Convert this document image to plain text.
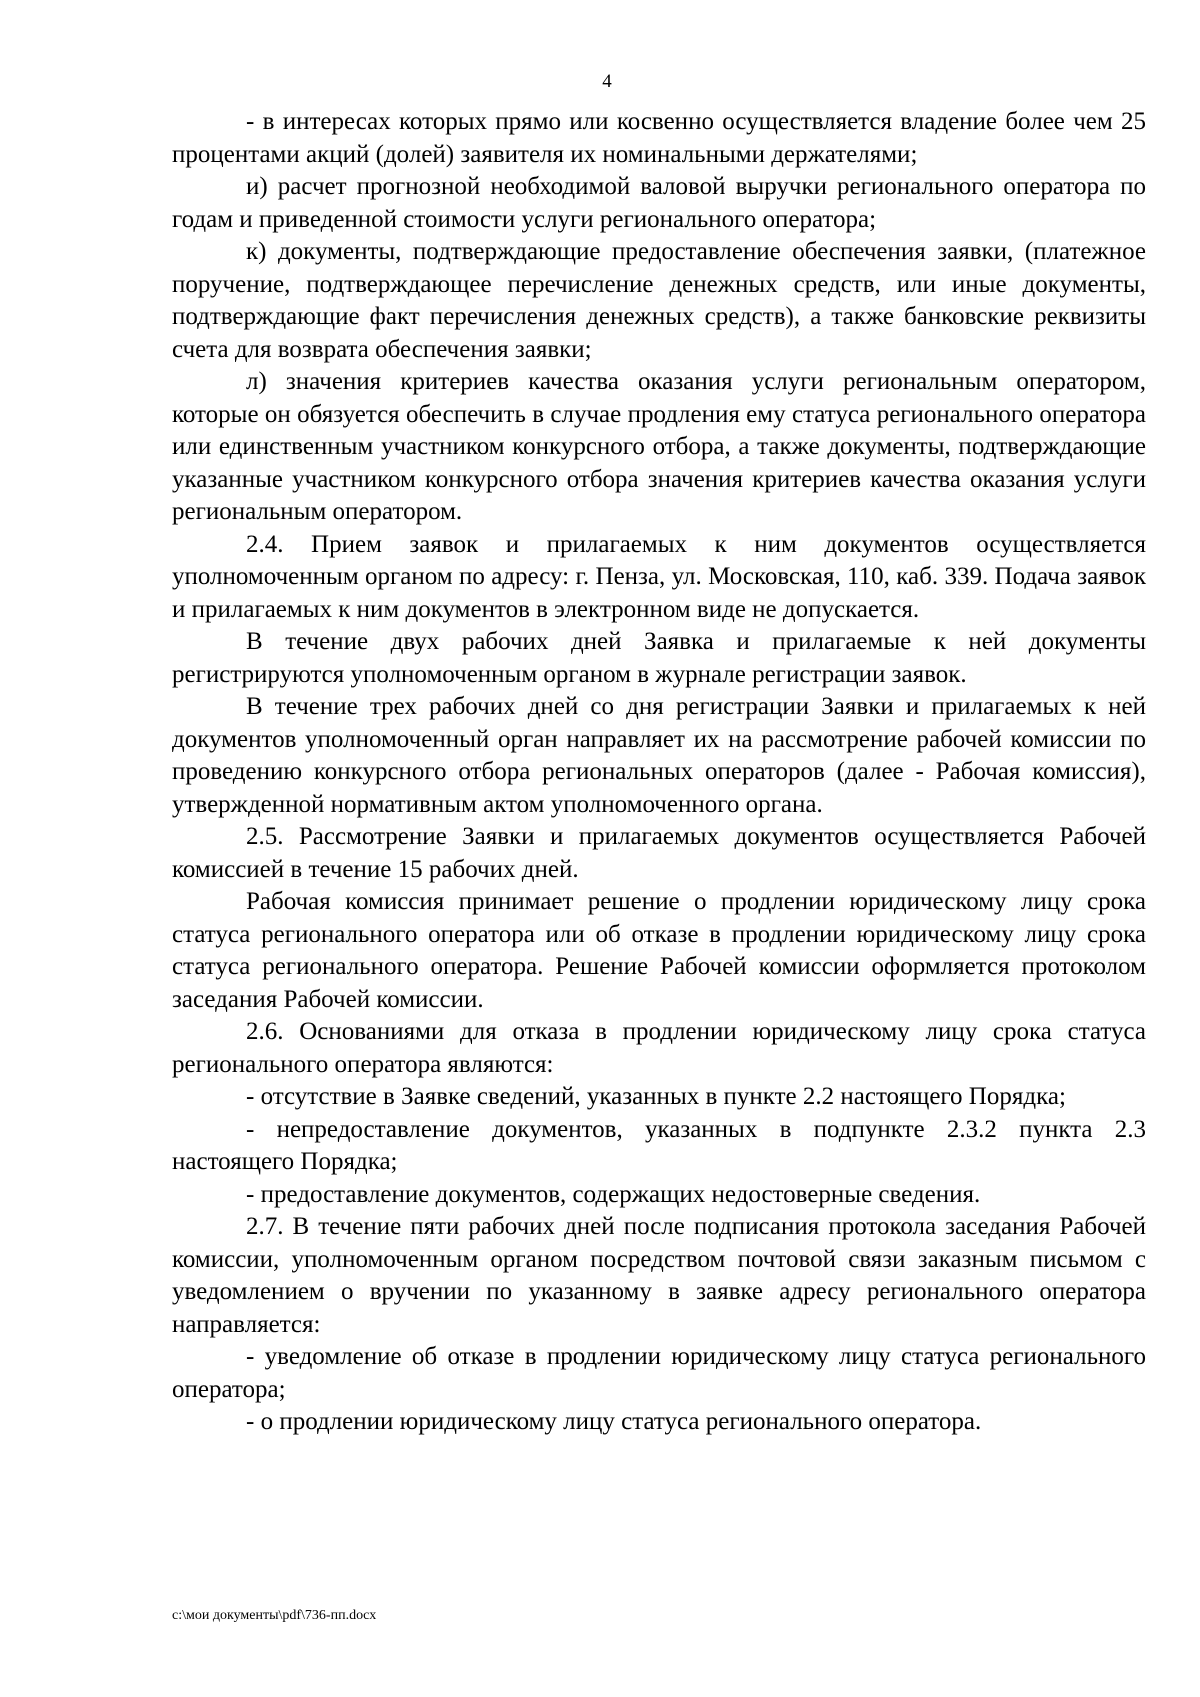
4

- в интересах которых прямо или косвенно осуществляется владение более чем 25 процентами акций (долей) заявителя их номинальными держателями;

и) расчет прогнозной необходимой валовой выручки регионального оператора по годам и приведенной стоимости услуги регионального оператора;

к) документы, подтверждающие предоставление обеспечения заявки, (платежное поручение, подтверждающее перечисление денежных средств, или иные документы, подтверждающие факт перечисления денежных средств), а также банковские реквизиты счета для возврата обеспечения заявки;

л) значения критериев качества оказания услуги региональным оператором, которые он обязуется обеспечить в случае продления ему статуса регионального оператора или единственным участником конкурсного отбора, а также документы, подтверждающие указанные участником конкурсного отбора значения критериев качества оказания услуги региональным оператором.

2.4. Прием заявок и прилагаемых к ним документов осуществляется уполномоченным органом по адресу: г. Пенза, ул. Московская, 110, каб. 339. Подача заявок и прилагаемых к ним документов в электронном виде не допускается.

В течение двух рабочих дней Заявка и прилагаемые к ней документы регистрируются уполномоченным органом в журнале регистрации заявок.

В течение трех рабочих дней со дня регистрации Заявки и прилагаемых к ней документов уполномоченный орган направляет их на рассмотрение рабочей комиссии по проведению конкурсного отбора региональных операторов (далее - Рабочая комиссия), утвержденной нормативным актом уполномоченного органа.

2.5. Рассмотрение Заявки и прилагаемых документов осуществляется Рабочей комиссией в течение 15 рабочих дней.

Рабочая комиссия принимает решение о продлении юридическому лицу срока статуса регионального оператора или об отказе в продлении юридическому лицу срока статуса регионального оператора. Решение Рабочей комиссии оформляется протоколом заседания Рабочей комиссии.

2.6. Основаниями для отказа в продлении юридическому лицу срока статуса регионального оператора являются:

- отсутствие в Заявке сведений, указанных в пункте 2.2 настоящего Порядка;

- непредоставление документов, указанных в подпункте 2.3.2 пункта 2.3 настоящего Порядка;

- предоставление документов, содержащих недостоверные сведения.

2.7. В течение пяти рабочих дней после подписания протокола заседания Рабочей комиссии, уполномоченным органом посредством почтовой связи заказным письмом с уведомлением о вручении по указанному в заявке адресу регионального оператора направляется:

- уведомление об отказе в продлении юридическому лицу статуса регионального оператора;

- о продлении юридическому лицу статуса регионального оператора.

c:\мои документы\pdf\736-пп.docx
